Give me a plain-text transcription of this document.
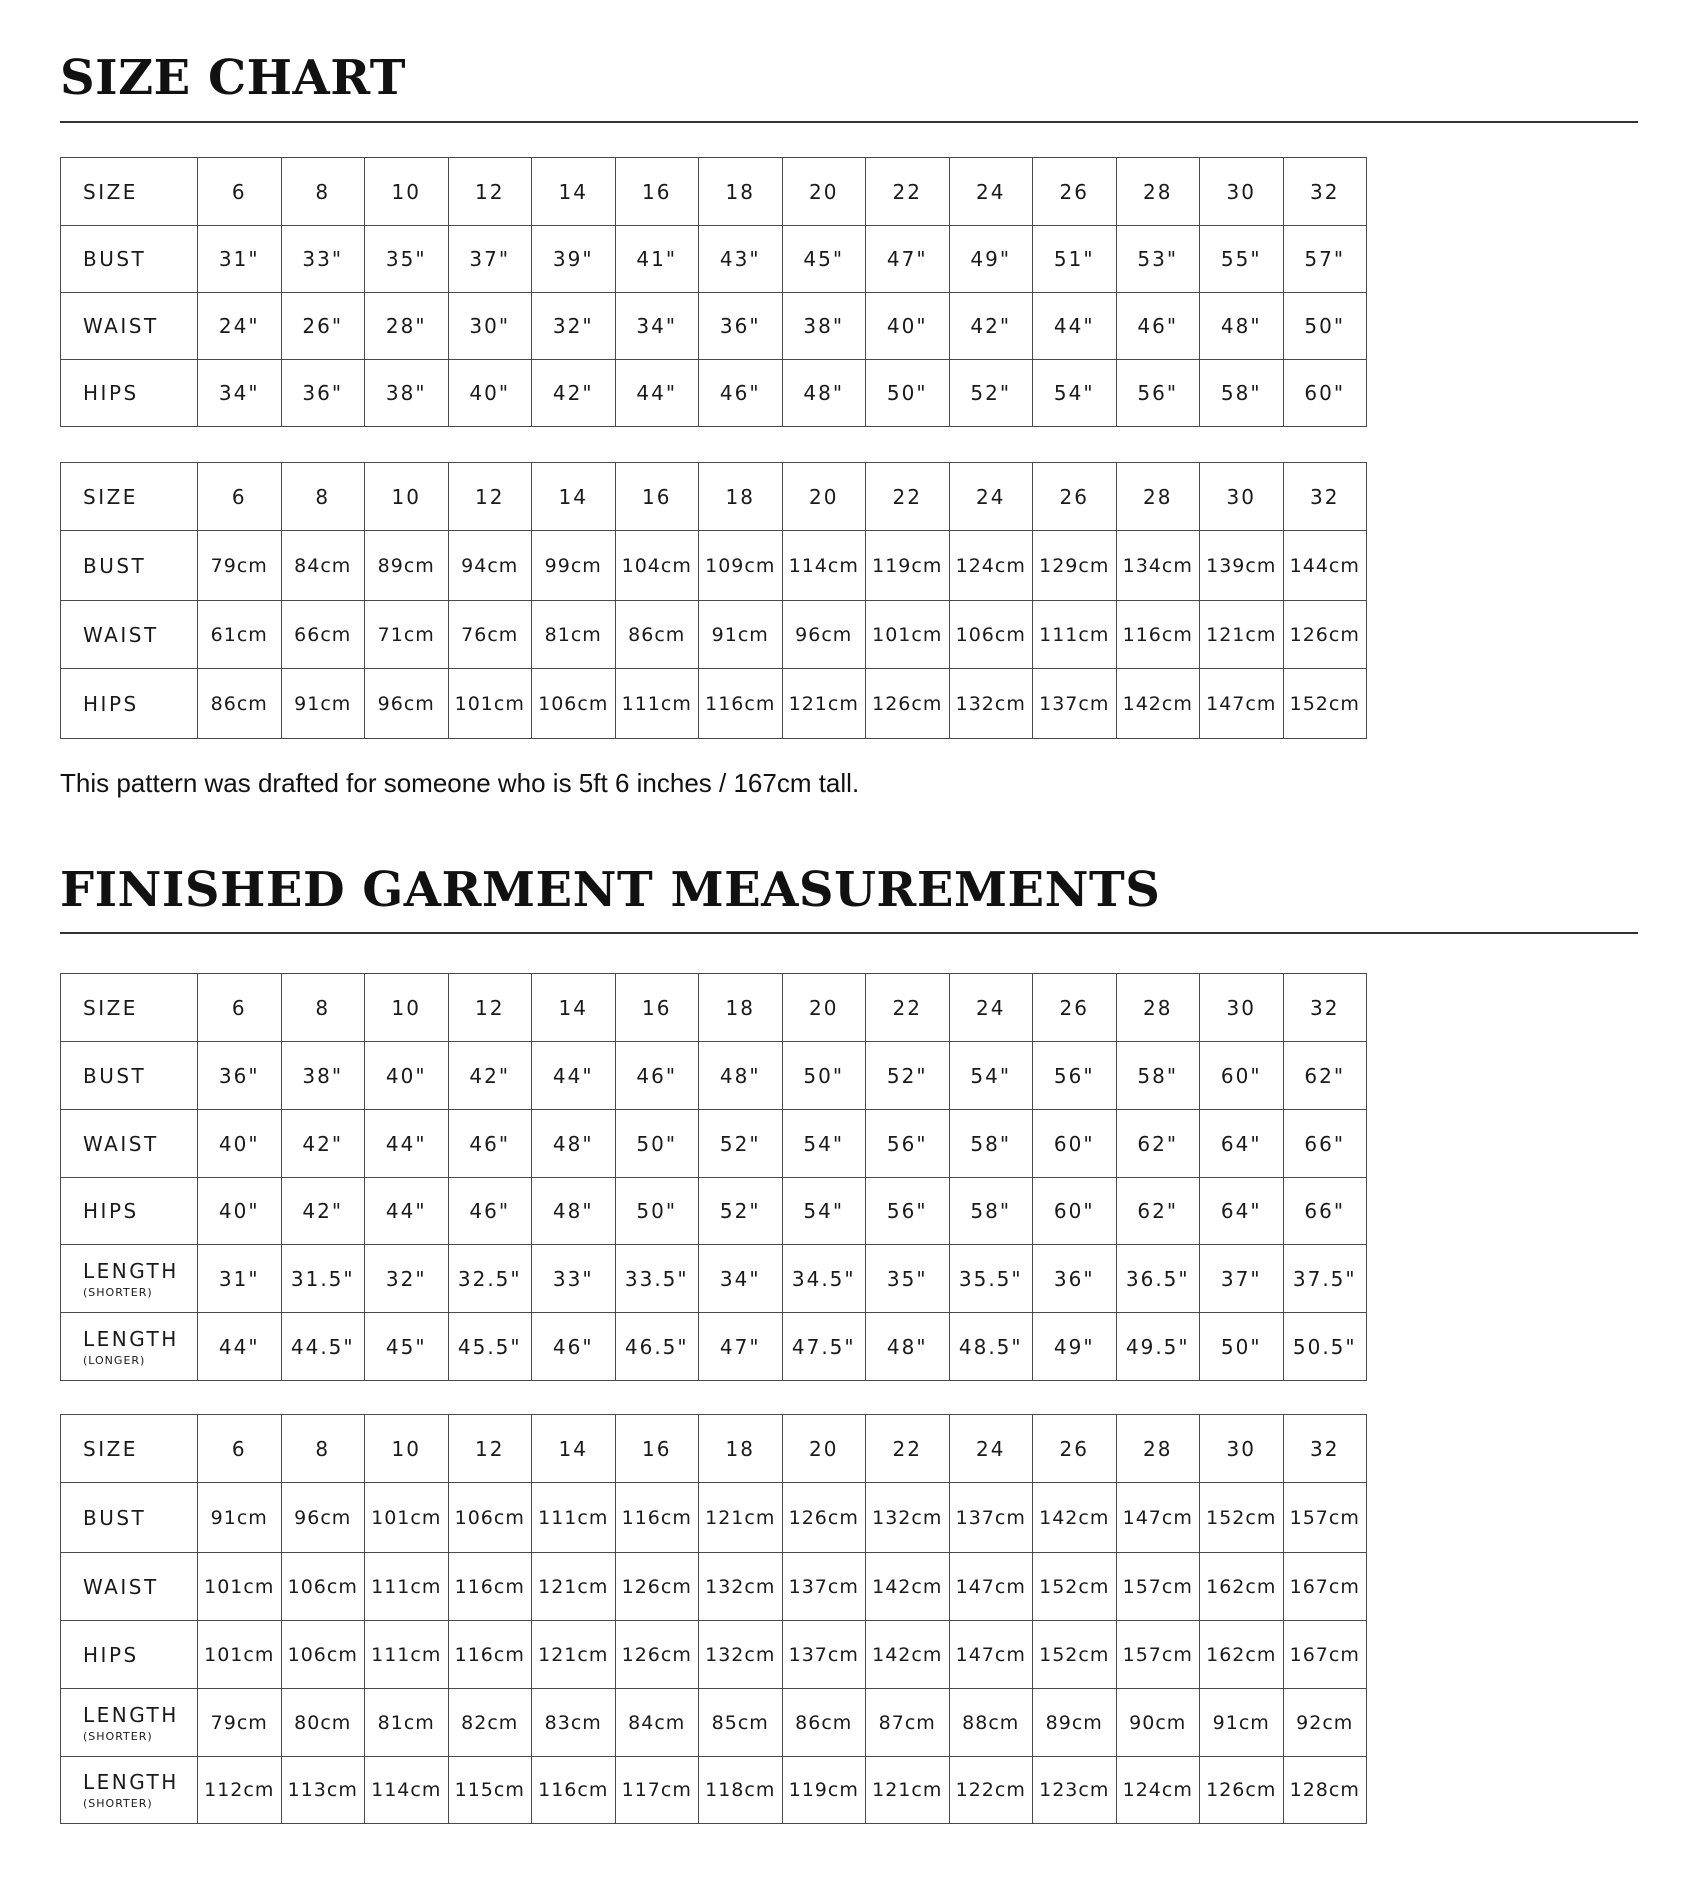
SIZE CHART
SIZE	6	8	10	12	14	16	18	20	22	24	26	28	30	32
BUST	31"	33"	35"	37"	39"	41"	43"	45"	47"	49"	51"	53"	55"	57"
WAIST	24"	26"	28"	30"	32"	34"	36"	38"	40"	42"	44"	46"	48"	50"
HIPS	34"	36"	38"	40"	42"	44"	46"	48"	50"	52"	54"	56"	58"	60"
SIZE	6	8	10	12	14	16	18	20	22	24	26	28	30	32
BUST	79cm	84cm	89cm	94cm	99cm	104cm	109cm	114cm	119cm	124cm	129cm	134cm	139cm	144cm
WAIST	61cm	66cm	71cm	76cm	81cm	86cm	91cm	96cm	101cm	106cm	111cm	116cm	121cm	126cm
HIPS	86cm	91cm	96cm	101cm	106cm	111cm	116cm	121cm	126cm	132cm	137cm	142cm	147cm	152cm

This pattern was drafted for someone who is 5ft 6 inches / 167cm tall.

FINISHED GARMENT MEASUREMENTS
SIZE	6	8	10	12	14	16	18	20	22	24	26	28	30	32
BUST	36"	38"	40"	42"	44"	46"	48"	50"	52"	54"	56"	58"	60"	62"
WAIST	40"	42"	44"	46"	48"	50"	52"	54"	56"	58"	60"	62"	64"	66"
HIPS	40"	42"	44"	46"	48"	50"	52"	54"	56"	58"	60"	62"	64"	66"
LENGTH
(SHORTER)	31"	31.5"	32"	32.5"	33"	33.5"	34"	34.5"	35"	35.5"	36"	36.5"	37"	37.5"
LENGTH
(LONGER)	44"	44.5"	45"	45.5"	46"	46.5"	47"	47.5"	48"	48.5"	49"	49.5"	50"	50.5"
SIZE	6	8	10	12	14	16	18	20	22	24	26	28	30	32
BUST	91cm	96cm	101cm	106cm	111cm	116cm	121cm	126cm	132cm	137cm	142cm	147cm	152cm	157cm
WAIST	101cm	106cm	111cm	116cm	121cm	126cm	132cm	137cm	142cm	147cm	152cm	157cm	162cm	167cm
HIPS	101cm	106cm	111cm	116cm	121cm	126cm	132cm	137cm	142cm	147cm	152cm	157cm	162cm	167cm
LENGTH
(SHORTER)	79cm	80cm	81cm	82cm	83cm	84cm	85cm	86cm	87cm	88cm	89cm	90cm	91cm	92cm
LENGTH
(SHORTER)	112cm	113cm	114cm	115cm	116cm	117cm	118cm	119cm	121cm	122cm	123cm	124cm	126cm	128cm
